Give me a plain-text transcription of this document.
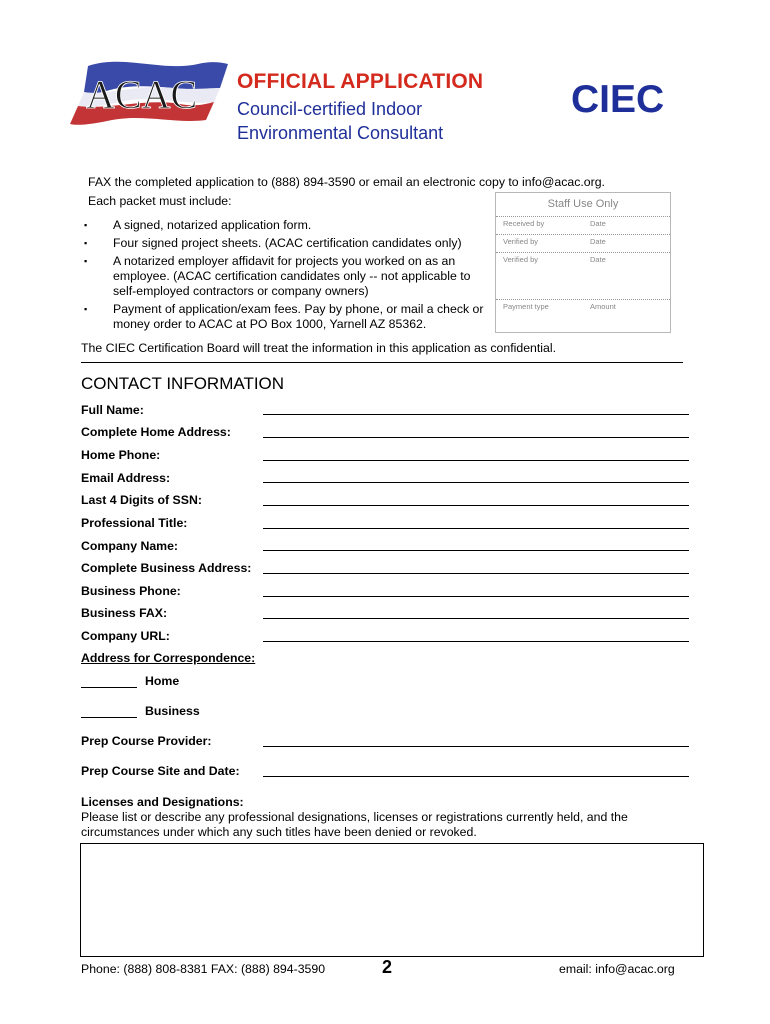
ACAC OFFICIAL APPLICATION
Council-certified Indoor
Environmental Consultant
CIEC
FAX the completed application to (888) 894-3590 or email an electronic copy to info@acac.org.
Each packet must include:	Staff Use Only
Received by	Date
Verified by	Date
Verified by	Date
Payment type	Amount
▪ A signed, notarized application form.
▪ Four signed project sheets. (ACAC certification candidates only)
▪ A notarized employer affidavit for projects you worked on as an employee. (ACAC certification candidates only -- not applicable to self-employed contractors or company owners)
▪ Payment of application/exam fees. Pay by phone, or mail a check or money order to ACAC at PO Box 1000, Yarnell AZ 85362.
The CIEC Certification Board will treat the information in this application as confidential.
CONTACT INFORMATION
Full Name:
Complete Home Address:
Home Phone:
Email Address:
Last 4 Digits of SSN:
Professional Title:
Company Name:
Complete Business Address:
Business Phone:
Business FAX:
Company URL:
Address for Correspondence:
Home
Business
Prep Course Provider:
Prep Course Site and Date:
Licenses and Designations:
Please list or describe any professional designations, licenses or registrations currently held, and the circumstances under which any such titles have been denied or revoked.
Phone: (888) 808-8381 FAX: (888) 894-3590	2	email: info@acac.org
